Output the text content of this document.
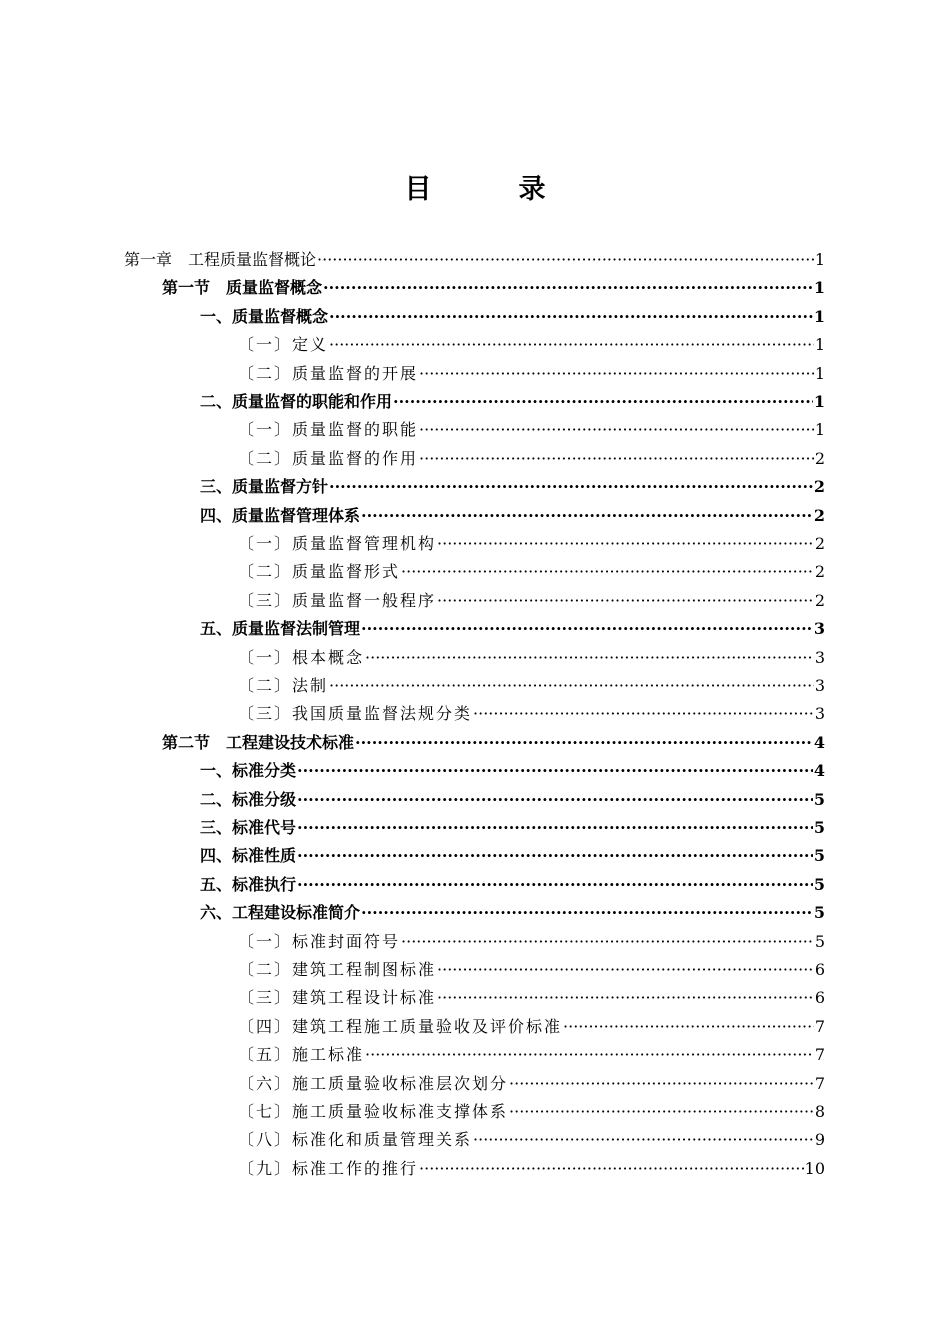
目　录
第一章　工程质量监督概论 ·····	1
第一节　质量监督概念 ·····	1
一、质量监督概念 ·····	1
〔一〕定义 ·····	1
〔二〕质量监督的开展 ·····	1
二、质量监督的职能和作用 ·····	1
〔一〕质量监督的职能 ·····	1
〔二〕质量监督的作用 ·····	2
三、质量监督方针 ·····	2
四、质量监督管理体系 ·····	2
〔一〕质量监督管理机构 ·····	2
〔二〕质量监督形式 ·····	2
〔三〕质量监督一般程序 ·····	2
五、质量监督法制管理 ·····	3
〔一〕根本概念 ·····	3
〔二〕法制 ·····	3
〔三〕我国质量监督法规分类 ·····	3
第二节　工程建设技术标准 ·····	4
一、标准分类 ·····	4
二、标准分级 ·····	5
三、标准代号 ·····	5
四、标准性质 ·····	5
五、标准执行 ·····	5
六、工程建设标准简介 ·····	5
〔一〕标准封面符号 ·····	5
〔二〕建筑工程制图标准 ·····	6
〔三〕建筑工程设计标准 ·····	6
〔四〕建筑工程施工质量验收及评价标准 ·····	7
〔五〕施工标准 ·····	7
〔六〕施工质量验收标准层次划分 ·····	7
〔七〕施工质量验收标准支撑体系 ·····	8
〔八〕标准化和质量管理关系 ·····	9
〔九〕标准工作的推行 ·····	10
